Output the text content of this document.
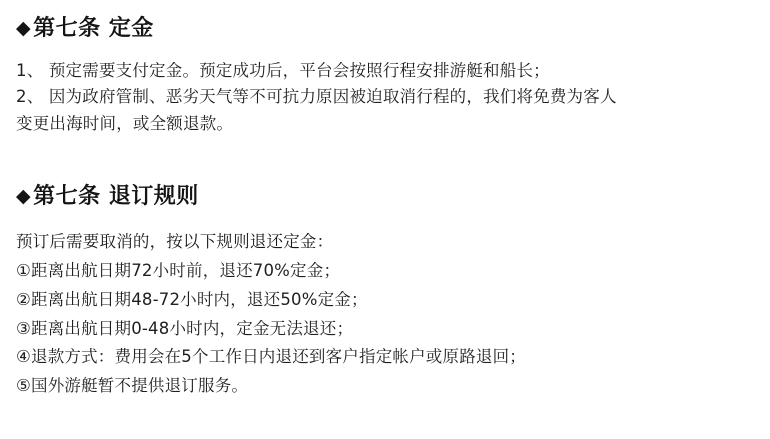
◆ 第七条 定金
1、 预定需要支付定金。预定成功后，平台会按照行程安排游艇和船长；
2、 因为政府管制、恶劣天气等不可抗力原因被迫取消行程的，我们将免费为客人
变更出海时间，或全额退款。
◆ 第七条 退订规则

预订后需要取消的，按以下规则退还定金：

①距离出航日期72小时前，退还70%定金；
②距离出航日期48-72小时内，退还50%定金；
③距离出航日期0-48小时内，定金无法退还；
④退款方式：费用会在5个工作日内退还到客户指定帐户或原路退回；
⑤国外游艇暂不提供退订服务。
